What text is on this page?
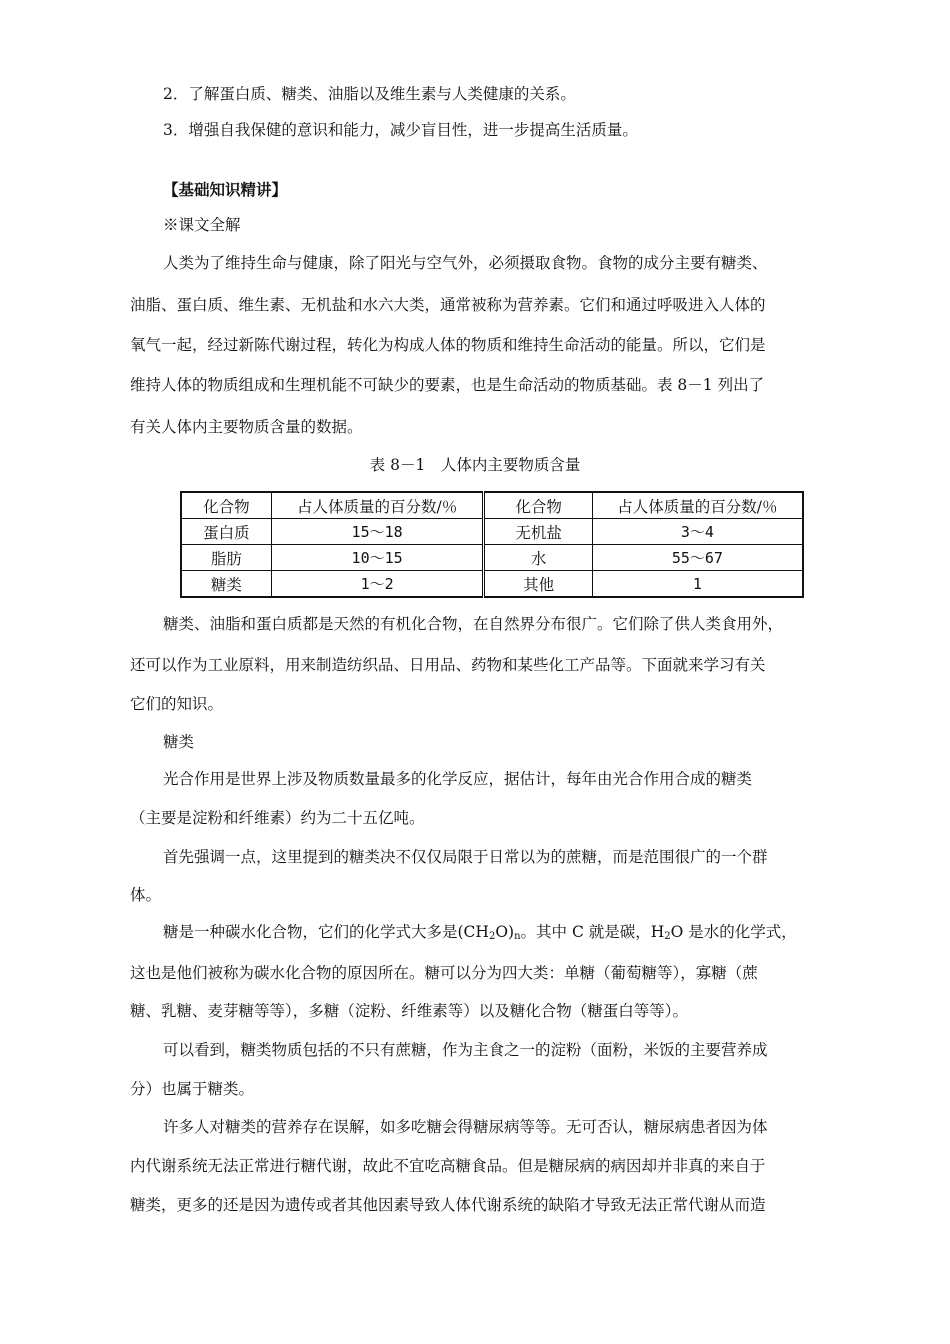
2．了解蛋白质、糖类、油脂以及维生素与人类健康的关系。
3．增强自我保健的意识和能力，减少盲目性，进一步提高生活质量。
【基础知识精讲】
※课文全解
人类为了维持生命与健康，除了阳光与空气外，必须摄取食物。食物的成分主要有糖类、
油脂、蛋白质、维生素、无机盐和水六大类，通常被称为营养素。它们和通过呼吸进入人体的
氧气一起，经过新陈代谢过程，转化为构成人体的物质和维持生命活动的能量。所以，它们是
维持人体的物质组成和生理机能不可缺少的要素，也是生命活动的物质基础。表 8－1 列出了
有关人体内主要物质含量的数据。
表 8－1　人体内主要物质含量
化合物	占人体质量的百分数/％	化合物	占人体质量的百分数/％
蛋白质	15～18	无机盐	3～4
脂肪	10～15	水	55～67
糖类	1～2	其他	1
糖类、油脂和蛋白质都是天然的有机化合物，在自然界分布很广。它们除了供人类食用外，
还可以作为工业原料，用来制造纺织品、日用品、药物和某些化工产品等。下面就来学习有关
它们的知识。
糖类
光合作用是世界上涉及物质数量最多的化学反应，据估计，每年由光合作用合成的糖类
（主要是淀粉和纤维素）约为二十五亿吨。
首先强调一点，这里提到的糖类决不仅仅局限于日常以为的蔗糖，而是范围很广的一个群
体。
糖是一种碳水化合物，它们的化学式大多是$(CH_2O)_n$。其中 C 就是碳，$H_2O$ 是水的化学式，
这也是他们被称为碳水化合物的原因所在。糖可以分为四大类：单糖（葡萄糖等），寡糖（蔗
糖、乳糖、麦芽糖等等），多糖（淀粉、纤维素等）以及糖化合物（糖蛋白等等）。
可以看到，糖类物质包括的不只有蔗糖，作为主食之一的淀粉（面粉，米饭的主要营养成
分）也属于糖类。
许多人对糖类的营养存在误解，如多吃糖会得糖尿病等等。无可否认，糖尿病患者因为体
内代谢系统无法正常进行糖代谢，故此不宜吃高糖食品。但是糖尿病的病因却并非真的来自于
糖类，更多的还是因为遗传或者其他因素导致人体代谢系统的缺陷才导致无法正常代谢从而造
